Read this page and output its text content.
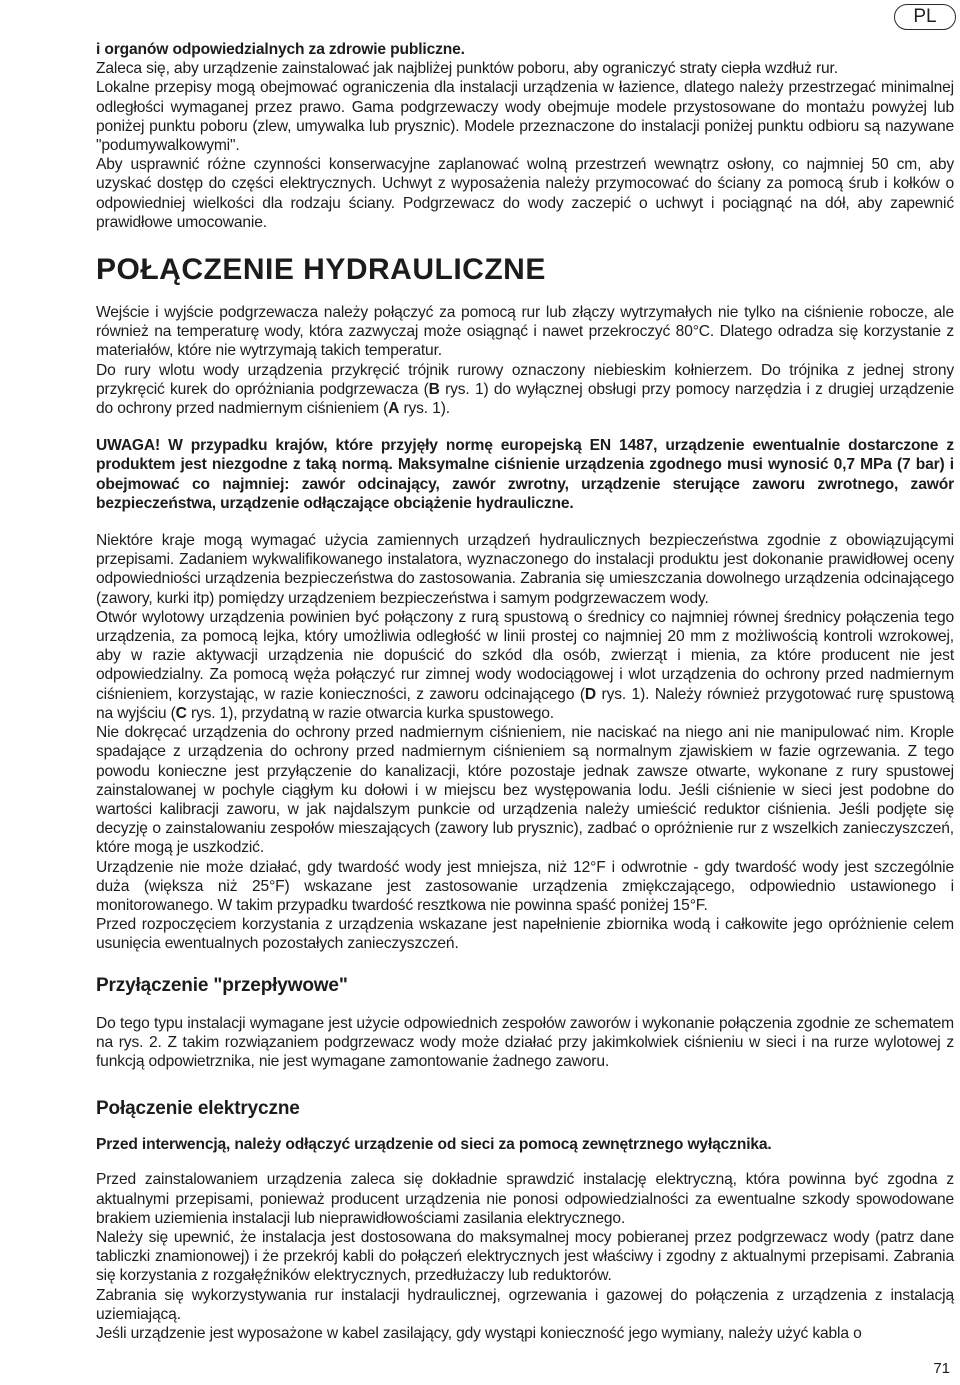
PL

i organów odpowiedzialnych za zdrowie publiczne.

Zaleca się, aby urządzenie zainstalować jak najbliżej punktów poboru, aby ograniczyć straty ciepła wzdłuż rur.

Lokalne przepisy mogą obejmować ograniczenia dla instalacji urządzenia w łazience, dlatego należy przestrzegać minimalnej odległości wymaganej przez prawo. Gama podgrzewaczy wody obejmuje modele przystosowane do montażu powyżej lub poniżej punktu poboru (zlew, umywalka lub prysznic). Modele przeznaczone do instalacji poniżej punktu odbioru są nazywane "podumywalkowymi".

Aby usprawnić różne czynności konserwacyjne zaplanować wolną przestrzeń wewnątrz osłony, co najmniej 50 cm, aby uzyskać dostęp do części elektrycznych. Uchwyt z wyposażenia należy przymocować do ściany za pomocą śrub i kołków o odpowiedniej wielkości dla rodzaju ściany. Podgrzewacz do wody zaczepić o uchwyt i pociągnąć na dół, aby zapewnić prawidłowe umocowanie.

POŁĄCZENIE HYDRAULICZNE

Wejście i wyjście podgrzewacza należy połączyć za pomocą rur lub złączy wytrzymałych nie tylko na ciśnienie robocze, ale również na temperaturę wody, która zazwyczaj może osiągnąć i nawet przekroczyć 80°C. Dlatego odradza się korzystanie z materiałów, które nie wytrzymają takich temperatur.

Do rury wlotu wody urządzenia przykręcić trójnik rurowy oznaczony niebieskim kołnierzem. Do trójnika z jednej strony przykręcić kurek do opróżniania podgrzewacza (B rys. 1) do wyłącznej obsługi przy pomocy narzędzia i z drugiej urządzenie do ochrony przed nadmiernym ciśnieniem (A rys. 1).

UWAGA! W przypadku krajów, które przyjęły normę europejską EN 1487, urządzenie ewentualnie dostarczone z produktem jest niezgodne z taką normą. Maksymalne ciśnienie urządzenia zgodnego musi wynosić 0,7 MPa (7 bar) i obejmować co najmniej: zawór odcinający, zawór zwrotny, urządzenie sterujące zaworu zwrotnego, zawór bezpieczeństwa, urządzenie odłączające obciążenie hydrauliczne.

Niektóre kraje mogą wymagać użycia zamiennych urządzeń hydraulicznych bezpieczeństwa zgodnie z obowiązującymi przepisami. Zadaniem wykwalifikowanego instalatora, wyznaczonego do instalacji produktu jest dokonanie prawidłowej oceny odpowiedniości urządzenia bezpieczeństwa do zastosowania. Zabrania się umieszczania dowolnego urządzenia odcinającego (zawory, kurki itp) pomiędzy urządzeniem bezpieczeństwa i samym podgrzewaczem wody.

Otwór wylotowy urządzenia powinien być połączony z rurą spustową o średnicy co najmniej równej średnicy połączenia tego urządzenia, za pomocą lejka, który umożliwia odległość w linii prostej co najmniej 20 mm z możliwością kontroli wzrokowej, aby w razie aktywacji urządzenia nie dopuścić do szkód dla osób, zwierząt i mienia, za które producent nie jest odpowiedzialny. Za pomocą węża połączyć rur zimnej wody wodociągowej i wlot urządzenia do ochrony przed nadmiernym ciśnieniem, korzystając, w razie konieczności, z zaworu odcinającego (D rys. 1). Należy również przygotować rurę spustową na wyjściu (C rys. 1), przydatną w razie otwarcia kurka spustowego.

Nie dokręcać urządzenia do ochrony przed nadmiernym ciśnieniem, nie naciskać na niego ani nie manipulować nim. Krople spadające z urządzenia do ochrony przed nadmiernym ciśnieniem są normalnym zjawiskiem w fazie ogrzewania. Z tego powodu konieczne jest przyłączenie do kanalizacji, które pozostaje jednak zawsze otwarte, wykonane z rury spustowej zainstalowanej w pochyle ciągłym ku dołowi i w miejscu bez występowania lodu. Jeśli ciśnienie w sieci jest podobne do wartości kalibracji zaworu, w jak najdalszym punkcie od urządzenia należy umieścić reduktor ciśnienia. Jeśli podjęte się decyzję o zainstalowaniu zespołów mieszających (zawory lub prysznic), zadbać o opróżnienie rur z wszelkich zanieczyszczeń, które mogą je uszkodzić.

Urządzenie nie może działać, gdy twardość wody jest mniejsza, niż 12°F i odwrotnie - gdy twardość wody jest szczególnie duża (większa niż 25°F) wskazane jest zastosowanie urządzenia zmiękczającego, odpowiednio ustawionego i monitorowanego. W takim przypadku twardość resztkowa nie powinna spaść poniżej 15°F.

Przed rozpoczęciem korzystania z urządzenia wskazane jest napełnienie zbiornika wodą i całkowite jego opróżnienie celem usunięcia ewentualnych pozostałych zanieczyszczeń.

Przyłączenie "przepływowe"

Do tego typu instalacji wymagane jest użycie odpowiednich zespołów zaworów i wykonanie połączenia zgodnie ze schematem na rys. 2. Z takim rozwiązaniem podgrzewacz wody może działać przy jakimkolwiek ciśnieniu w sieci i na rurze wylotowej z funkcją odpowietrznika, nie jest wymagane zamontowanie żadnego zaworu.

Połączenie elektryczne

Przed interwencją, należy odłączyć urządzenie od sieci za pomocą zewnętrznego wyłącznika.

Przed zainstalowaniem urządzenia zaleca się dokładnie sprawdzić instalację elektryczną, która powinna być zgodna z aktualnymi przepisami, ponieważ producent urządzenia nie ponosi odpowiedzialności za ewentualne szkody spowodowane brakiem uziemienia instalacji lub nieprawidłowościami zasilania elektrycznego.

Należy się upewnić, że instalacja jest dostosowana do maksymalnej mocy pobieranej przez podgrzewacz wody (patrz dane tabliczki znamionowej) i że przekrój kabli do połączeń elektrycznych jest właściwy i zgodny z aktualnymi przepisami. Zabrania się korzystania z rozgałęźników elektrycznych, przedłużaczy lub reduktorów.

Zabrania się wykorzystywania rur instalacji hydraulicznej, ogrzewania i gazowej do połączenia z urządzenia z instalacją uziemiającą.

Jeśli urządzenie jest wyposażone w kabel zasilający, gdy wystąpi konieczność jego wymiany, należy użyć kabla o

71
